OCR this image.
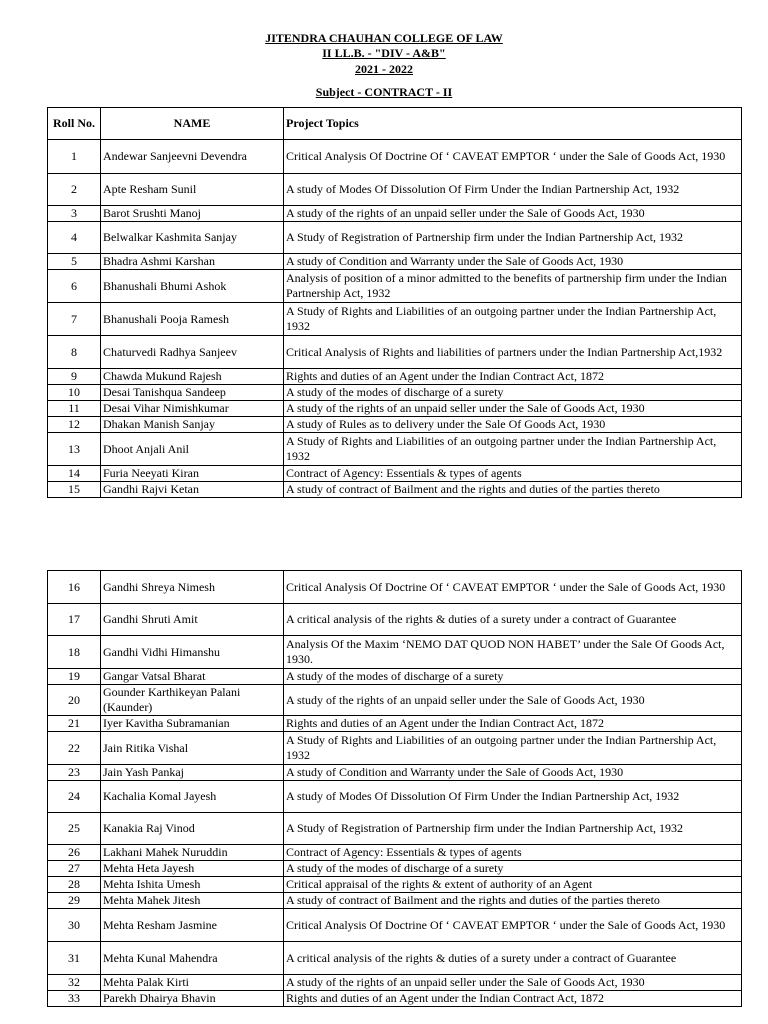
JITENDRA CHAUHAN COLLEGE OF LAW
II LL.B. - "DIV - A&B"
2021 - 2022
Subject - CONTRACT - II
Roll No.	NAME	Project Topics
1	Andewar Sanjeevni Devendra	Critical Analysis Of Doctrine Of ‘ CAVEAT EMPTOR ‘ under the Sale of Goods Act, 1930
2	Apte Resham Sunil	A study of Modes Of Dissolution Of Firm Under the Indian Partnership Act, 1932
3	Barot Srushti Manoj	A study of the rights of an unpaid seller under the Sale of Goods Act, 1930
4	Belwalkar Kashmita Sanjay	A Study of Registration of Partnership firm under the Indian Partnership Act, 1932
5	Bhadra Ashmi Karshan	A study of Condition and Warranty under the Sale of Goods Act, 1930
6	Bhanushali Bhumi Ashok	Analysis of position of a minor admitted to the benefits of partnership firm under the Indian Partnership Act, 1932
7	Bhanushali Pooja Ramesh	A Study of Rights and Liabilities of an outgoing partner under the Indian Partnership Act, 1932
8	Chaturvedi Radhya Sanjeev	Critical Analysis of Rights and liabilities of partners under the Indian Partnership Act,1932
9	Chawda Mukund Rajesh	Rights and duties of an Agent under the Indian Contract Act, 1872
10	Desai Tanishqua Sandeep	A study of the modes of discharge of a surety
11	Desai Vihar Nimishkumar	A study of the rights of an unpaid seller under the Sale of Goods Act, 1930
12	Dhakan Manish Sanjay	A study of Rules as to delivery under the Sale Of Goods Act, 1930
13	Dhoot Anjali Anil	A Study of Rights and Liabilities of an outgoing partner under the Indian Partnership Act, 1932
14	Furia Neeyati Kiran	Contract of Agency: Essentials & types of agents
15	Gandhi Rajvi Ketan	A study of contract of Bailment and the rights and duties of the parties thereto
16	Gandhi Shreya Nimesh	Critical Analysis Of Doctrine Of ‘ CAVEAT EMPTOR ‘ under the Sale of Goods Act, 1930
17	Gandhi Shruti Amit	A critical analysis of the rights & duties of a surety under a contract of Guarantee
18	Gandhi Vidhi Himanshu	Analysis Of the Maxim ‘NEMO DAT QUOD NON HABET’ under the Sale Of Goods Act, 1930.
19	Gangar Vatsal Bharat	A study of the modes of discharge of a surety
20	Gounder Karthikeyan Palani (Kaunder)	A study of the rights of an unpaid seller under the Sale of Goods Act, 1930
21	Iyer Kavitha Subramanian	Rights and duties of an Agent under the Indian Contract Act, 1872
22	Jain Ritika Vishal	A Study of Rights and Liabilities of an outgoing partner under the Indian Partnership Act, 1932
23	Jain Yash Pankaj	A study of Condition and Warranty under the Sale of Goods Act, 1930
24	Kachalia Komal Jayesh	A study of Modes Of Dissolution Of Firm Under the Indian Partnership Act, 1932
25	Kanakia Raj Vinod	A Study of Registration of Partnership firm under the Indian Partnership Act, 1932
26	Lakhani Mahek Nuruddin	Contract of Agency: Essentials & types of agents
27	Mehta Heta Jayesh	A study of the modes of discharge of a surety
28	Mehta Ishita Umesh	Critical appraisal of the rights & extent of authority of an Agent
29	Mehta Mahek Jitesh	A study of contract of Bailment and the rights and duties of the parties thereto
30	Mehta Resham Jasmine	Critical Analysis Of Doctrine Of ‘ CAVEAT EMPTOR ‘ under the Sale of Goods Act, 1930
31	Mehta Kunal Mahendra	A critical analysis of the rights & duties of a surety under a contract of Guarantee
32	Mehta Palak Kirti	A study of the rights of an unpaid seller under the Sale of Goods Act, 1930
33	Parekh Dhairya Bhavin	Rights and duties of an Agent under the Indian Contract Act, 1872
